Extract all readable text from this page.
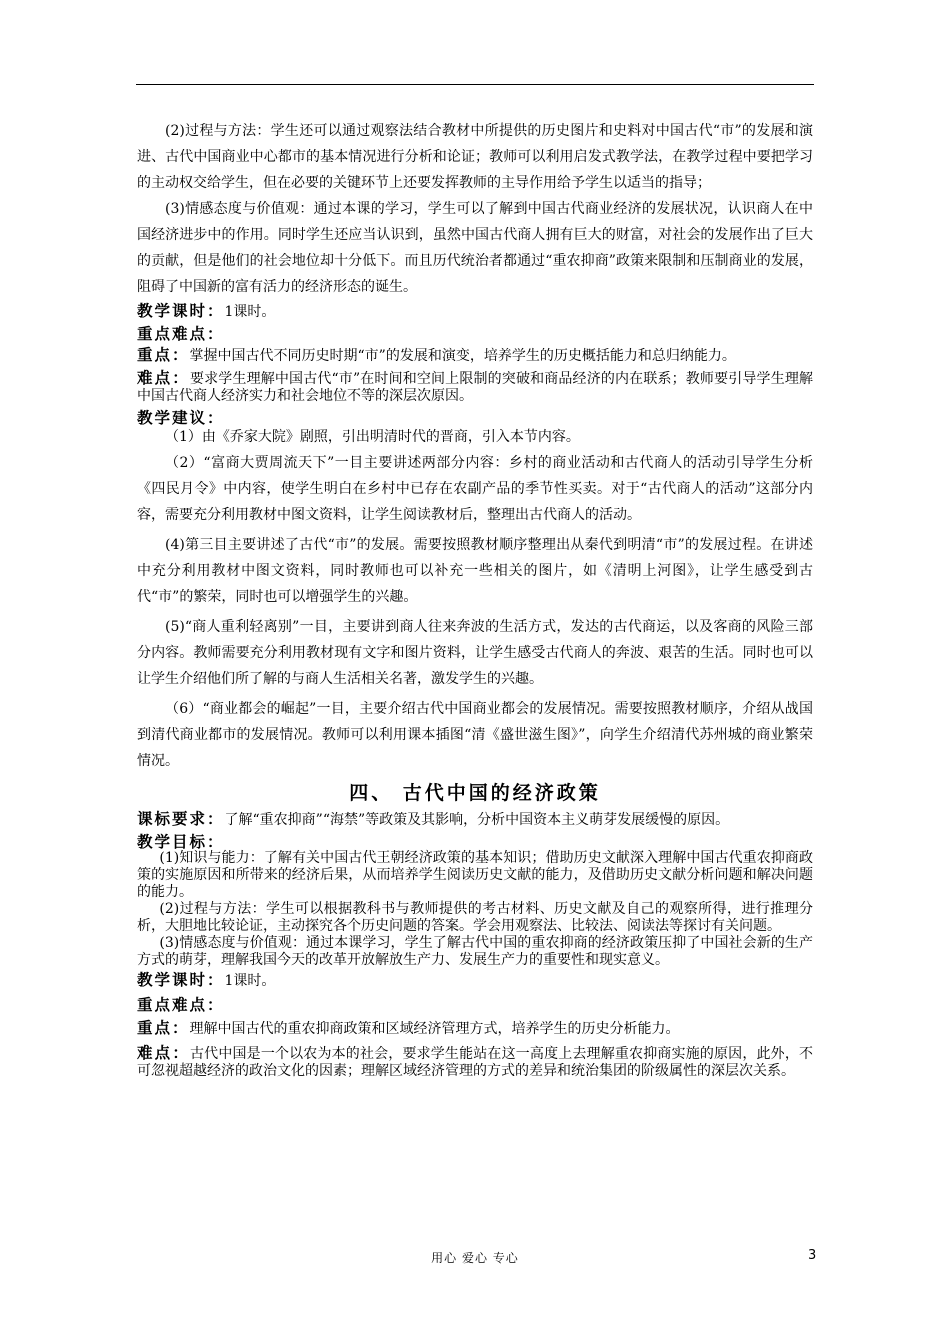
(2)过程与方法：学生还可以通过观察法结合教材中所提供的历史图片和史料对中国古代“市”的发展和演进、古代中国商业中心都市的基本情况进行分析和论证；教师可以利用启发式教学法，在教学过程中要把学习的主动权交给学生，但在必要的关键环节上还要发挥教师的主导作用给予学生以适当的指导；

(3)情感态度与价值观：通过本课的学习，学生可以了解到中国古代商业经济的发展状况，认识商人在中国经济进步中的作用。同时学生还应当认识到，虽然中国古代商人拥有巨大的财富，对社会的发展作出了巨大的贡献，但是他们的社会地位却十分低下。而且历代统治者都通过“重农抑商”政策来限制和压制商业的发展，阻碍了中国新的富有活力的经济形态的诞生。

教学课时：1课时。

重点难点：

重点：掌握中国古代不同历史时期“市”的发展和演变，培养学生的历史概括能力和总归纳能力。

难点：要求学生理解中国古代“市”在时间和空间上限制的突破和商品经济的内在联系；教师要引导学生理解中国古代商人经济实力和社会地位不等的深层次原因。

教学建议：

（1）由《乔家大院》剧照，引出明清时代的晋商，引入本节内容。

（2）“富商大贾周流天下”一目主要讲述两部分内容：乡村的商业活动和古代商人的活动引导学生分析《四民月令》中内容，使学生明白在乡村中已存在农副产品的季节性买卖。对于“古代商人的活动”这部分内容，需要充分利用教材中图文资料，让学生阅读教材后，整理出古代商人的活动。

(4)第三目主要讲述了古代“市”的发展。需要按照教材顺序整理出从秦代到明清“市”的发展过程。在讲述中充分利用教材中图文资料，同时教师也可以补充一些相关的图片，如《清明上河图》，让学生感受到古代“市”的繁荣，同时也可以增强学生的兴趣。

(5)“商人重利轻离别”一目，主要讲到商人往来奔波的生活方式，发达的古代商运，以及客商的风险三部分内容。教师需要充分利用教材现有文字和图片资料，让学生感受古代商人的奔波、艰苦的生活。同时也可以让学生介绍他们所了解的与商人生活相关名著，激发学生的兴趣。

（6）“商业都会的崛起”一目，主要介绍古代中国商业都会的发展情况。需要按照教材顺序，介绍从战国到清代商业都市的发展情况。教师可以利用课本插图“清《盛世滋生图》”，向学生介绍清代苏州城的商业繁荣情况。

四、 古代中国的经济政策

课标要求：了解“重农抑商”“海禁”等政策及其影响，分析中国资本主义萌芽发展缓慢的原因。

教学目标：

(1)知识与能力：了解有关中国古代王朝经济政策的基本知识；借助历史文献深入理解中国古代重农抑商政策的实施原因和所带来的经济后果，从而培养学生阅读历史文献的能力，及借助历史文献分析问题和解决问题的能力。

(2)过程与方法：学生可以根据教科书与教师提供的考古材料、历史文献及自己的观察所得，进行推理分析，大胆地比较论证，主动探究各个历史问题的答案。学会用观察法、比较法、阅读法等探讨有关问题。

(3)情感态度与价值观：通过本课学习，学生了解古代中国的重农抑商的经济政策压抑了中国社会新的生产方式的萌芽，理解我国今天的改革开放解放生产力、发展生产力的重要性和现实意义。

教学课时：1课时。

重点难点：

重点：理解中国古代的重农抑商政策和区域经济管理方式，培养学生的历史分析能力。

难点：古代中国是一个以农为本的社会，要求学生能站在这一高度上去理解重农抑商实施的原因，此外，不可忽视超越经济的政治文化的因素；理解区域经济管理的方式的差异和统治集团的阶级属性的深层次关系。

用心 爱心 专心	3
